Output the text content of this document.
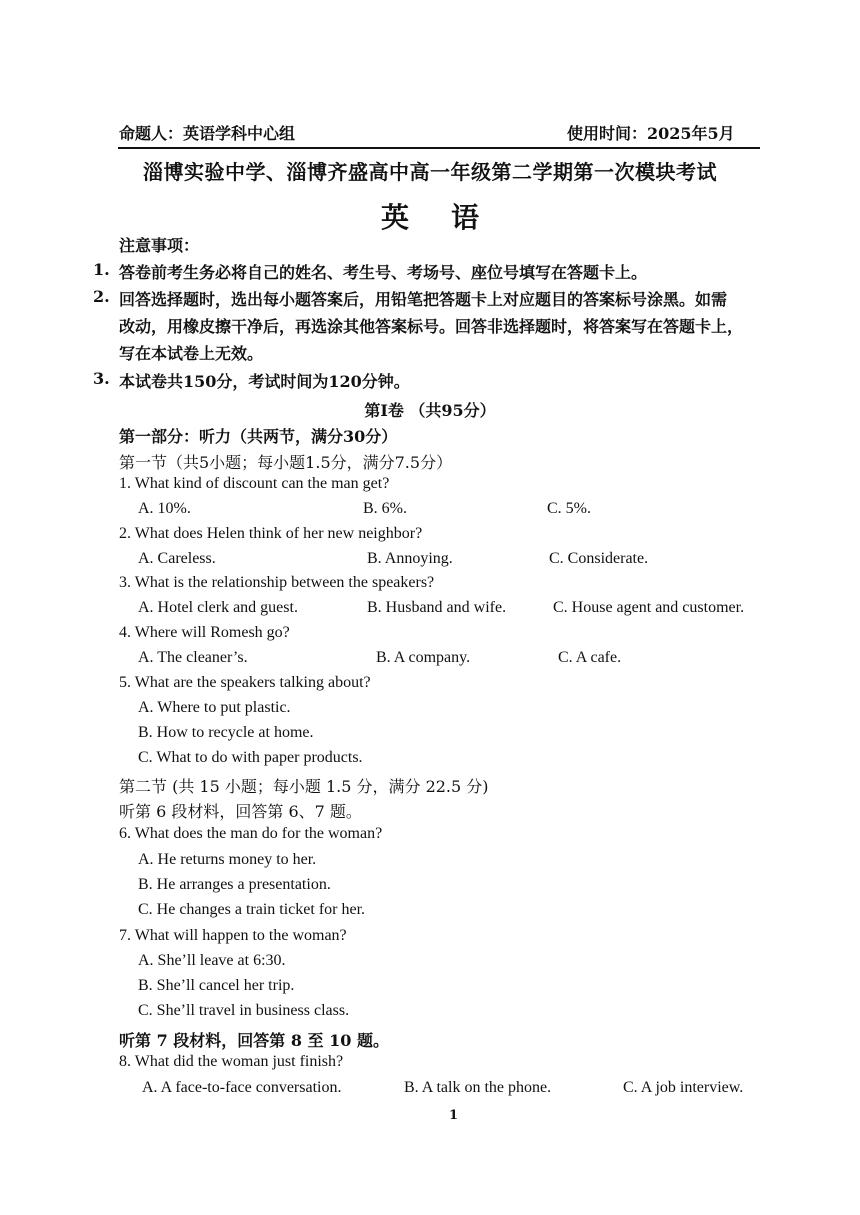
命题人：英语学科中心组	使用时间：2025年5月
淄博实验中学、淄博齐盛高中高一年级第二学期第一次模块考试
英语
注意事项：
1. 答卷前考生务必将自己的姓名、考生号、考场号、座位号填写在答题卡上。
2. 回答选择题时，选出每小题答案后，用铅笔把答题卡上对应题目的答案标号涂黑。如需
改动，用橡皮擦干净后，再选涂其他答案标号。回答非选择题时，将答案写在答题卡上，
写在本试卷上无效。
3. 本试卷共150分，考试时间为120分钟。
第I卷 （共95分）
第一部分：听力（共两节，满分30分）
第一节（共5小题；每小题1.5分，满分7.5分）
1. What kind of discount can the man get?
A. 10%.	B. 6%.	C. 5%.
2. What does Helen think of her new neighbor?
A. Careless.	B. Annoying.	C. Considerate.
3. What is the relationship between the speakers?
A. Hotel clerk and guest.	B. Husband and wife.	C. House agent and customer.
4. Where will Romesh go?
A. The cleaner’s.	B. A company.	C. A cafe.
5. What are the speakers talking about?
A. Where to put plastic.
B. How to recycle at home.
C. What to do with paper products.
第二节 (共 15 小题；每小题 1.5 分，满分 22.5 分)
听第 6 段材料，回答第 6、7 题。
6. What does the man do for the woman?
A. He returns money to her.
B. He arranges a presentation.
C. He changes a train ticket for her.
7. What will happen to the woman?
A. She’ll leave at 6:30.
B. She’ll cancel her trip.
C. She’ll travel in business class.
听第 7 段材料，回答第 8 至 10 题。
8. What did the woman just finish?
A. A face-to-face conversation.	B. A talk on the phone.	C. A job interview.
1
